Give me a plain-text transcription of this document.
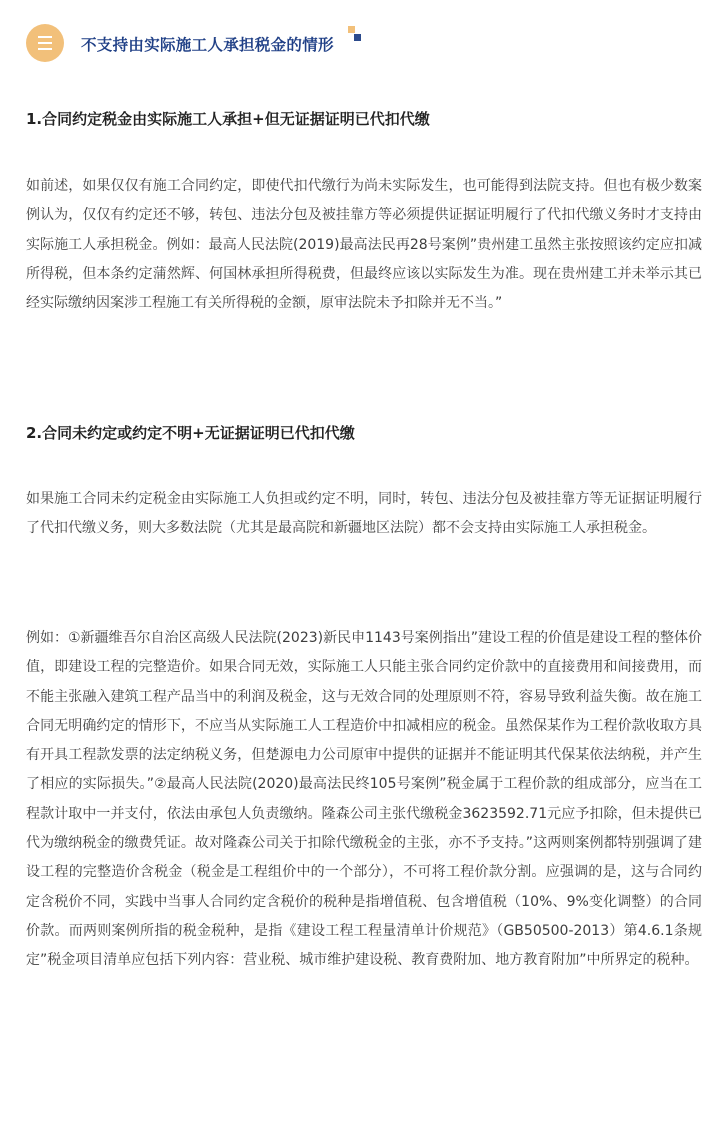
不支持由实际施工人承担税金的情形
1.合同约定税金由实际施工人承担+但无证据证明已代扣代缴

如前述，如果仅仅有施工合同约定，即使代扣代缴行为尚未实际发生，也可能得到法院支持。但也有极少数案例认为，仅仅有约定还不够，转包、违法分包及被挂靠方等必须提供证据证明履行了代扣代缴义务时才支持由实际施工人承担税金。例如：最高人民法院(2019)最高法民再28号案例”贵州建工虽然主张按照该约定应扣减所得税，但本条约定蒲然辉、何国林承担所得税费，但最终应该以实际发生为准。现在贵州建工并未举示其已经实际缴纳因案涉工程施工有关所得税的金额，原审法院未予扣除并无不当。”

2.合同未约定或约定不明+无证据证明已代扣代缴

如果施工合同未约定税金由实际施工人负担或约定不明，同时，转包、违法分包及被挂靠方等无证据证明履行了代扣代缴义务，则大多数法院（尤其是最高院和新疆地区法院）都不会支持由实际施工人承担税金。

例如：①新疆维吾尔自治区高级人民法院(2023)新民申1143号案例指出”建设工程的价值是建设工程的整体价值，即建设工程的完整造价。如果合同无效，实际施工人只能主张合同约定价款中的直接费用和间接费用，而不能主张融入建筑工程产品当中的利润及税金，这与无效合同的处理原则不符，容易导致利益失衡。故在施工合同无明确约定的情形下，不应当从实际施工人工程造价中扣减相应的税金。虽然保某作为工程价款收取方具有开具工程款发票的法定纳税义务，但楚源电力公司原审中提供的证据并不能证明其代保某依法纳税，并产生了相应的实际损失。”②最高人民法院(2020)最高法民终105号案例”税金属于工程价款的组成部分，应当在工程款计取中一并支付，依法由承包人负责缴纳。隆森公司主张代缴税金3623592.71元应予扣除，但未提供已代为缴纳税金的缴费凭证。故对隆森公司关于扣除代缴税金的主张，亦不予支持。”这两则案例都特别强调了建设工程的完整造价含税金（税金是工程组价中的一个部分），不可将工程价款分割。应强调的是，这与合同约定含税价不同，实践中当事人合同约定含税价的税种是指增值税、包含增值税（10%、9%变化调整）的合同价款。而两则案例所指的税金税种，是指《建设工程工程量清单计价规范》（GB50500-2013）第4.6.1条规定”税金项目清单应包括下列内容：营业税、城市维护建设税、教育费附加、地方教育附加”中所界定的税种。
